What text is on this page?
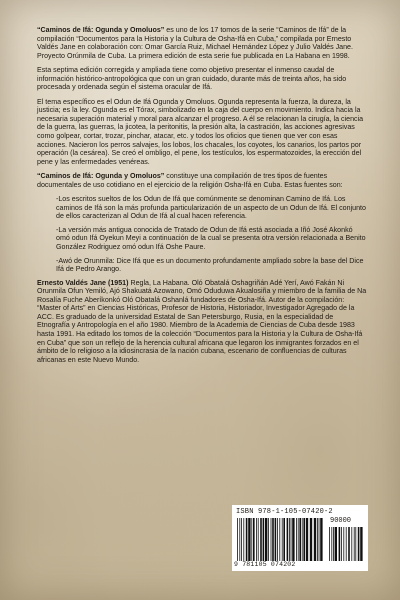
“Caminos de Ifá: Ogunda y Omoluos” es uno de los 17 tomos de la serie “Caminos de Ifá” de la compilación “Documentos para la Historia y la Cultura de Osha-Ifá en Cuba,” compilada por Ernesto Valdés Jane en colaboración con: Omar García Ruiz, Michael Hernández López y Julio Valdés Jane. Proyecto Orúnmila de Cuba. La primera edición de esta serie fue publicada en La Habana en 1998.

Esta septima edición corregida y ampliada tiene como objetivo presentar el inmenso caudal de información histórico-antropológica que con un gran cuidado, durante más de treinta años, ha sido procesada y ordenada según el sistema oracular de Ifá.

El tema específico es el Odun de Ifá Ogunda y Omoluos. Ogunda representa la fuerza, la dureza, la justicia; es la ley. Ogunda es el Tórax, simbolizado en la caja del cuerpo en movimiento. Indica hacia la necesaria superación material y moral para alcanzar el progreso. A él se relacionan la cirugía, la ciencia de la guerra, las guerras, la jicotea, la peritonitis, la presión alta, la castración, las acciones agresivas como golpear, cortar, trozar, pinchar, atacar, etc. y todos los oficios que tienen que ver con esas acciones. Nacieron los perros salvajes, los lobos, los chacales, los coyotes, los canarios, los partos por operación (la cesárea). Se creó el ombligo, el pene, los testículos, los espermatozoides, la erección del pene y las enfermedades venéreas.

“Caminos de Ifá: Ogunda y Omoluos” constituye una compilación de tres tipos de fuentes documentales de uso cotidiano en el ejercicio de la religión Osha-Ifá en Cuba. Estas fuentes son:

-Los escritos sueltos de los Odun de Ifá que comúnmente se denominan Camino de Ifá. Los caminos de Ifá son la más profunda particularización de un aspecto de un Odun de Ifá. El conjunto de ellos caracterizan al Odun de Ifá al cual hacen referencia.

-La versión más antigua conocida de Tratado de Odun de Ifá está asociada a Iñó José Akonkó omó odun Ifá Oyekun Meyi a continuación de la cual se presenta otra versión relacionada a Benito González Rodriguez omó odun Ifá Oshe Paure.

-Awó de Orunmila: Dice Ifá que es un documento profundamente ampliado sobre la base del Dice Ifá de Pedro Arango.

Ernesto Valdés Jane (1951) Regla, La Habana. Oló Obatalá Oshagriñán Adé Yerí, Awó Fakán Ni Orunmila Ofun Yemiló, Ajó Shakuatá Azowano, Omó Oduduwa Akualosiña y miembro de la familia de Na Rosalía Fuche Aberíkonkó Oló Obatalá Oshanlá fundadores de Osha-Ifá. Autor de la compilación: “Master of Arts” en Ciencias Históricas, Profesor de Historia, Historiador, Investigador Agregado de la ACC. Es graduado de la universidad Estatal de San Petersburgo, Rusia, en la especialidad de Etnografía y Antropología en el año 1980. Miembro de la Academia de Ciencias de Cuba desde 1983 hasta 1991. Ha editado los tomos de la colección “Documentos para la Historia y la Cultura de Osha-Ifá en Cuba” que son un reflejo de la herencia cultural africana que legaron los inmigrantes forzados en el ámbito de lo religioso a la idiosincrasia de la nación cubana, escenario de confluencias de culturas africanas en este Nuevo Mundo.

ISBN 978-1-105-07420-2
90000
9 781105 074202
